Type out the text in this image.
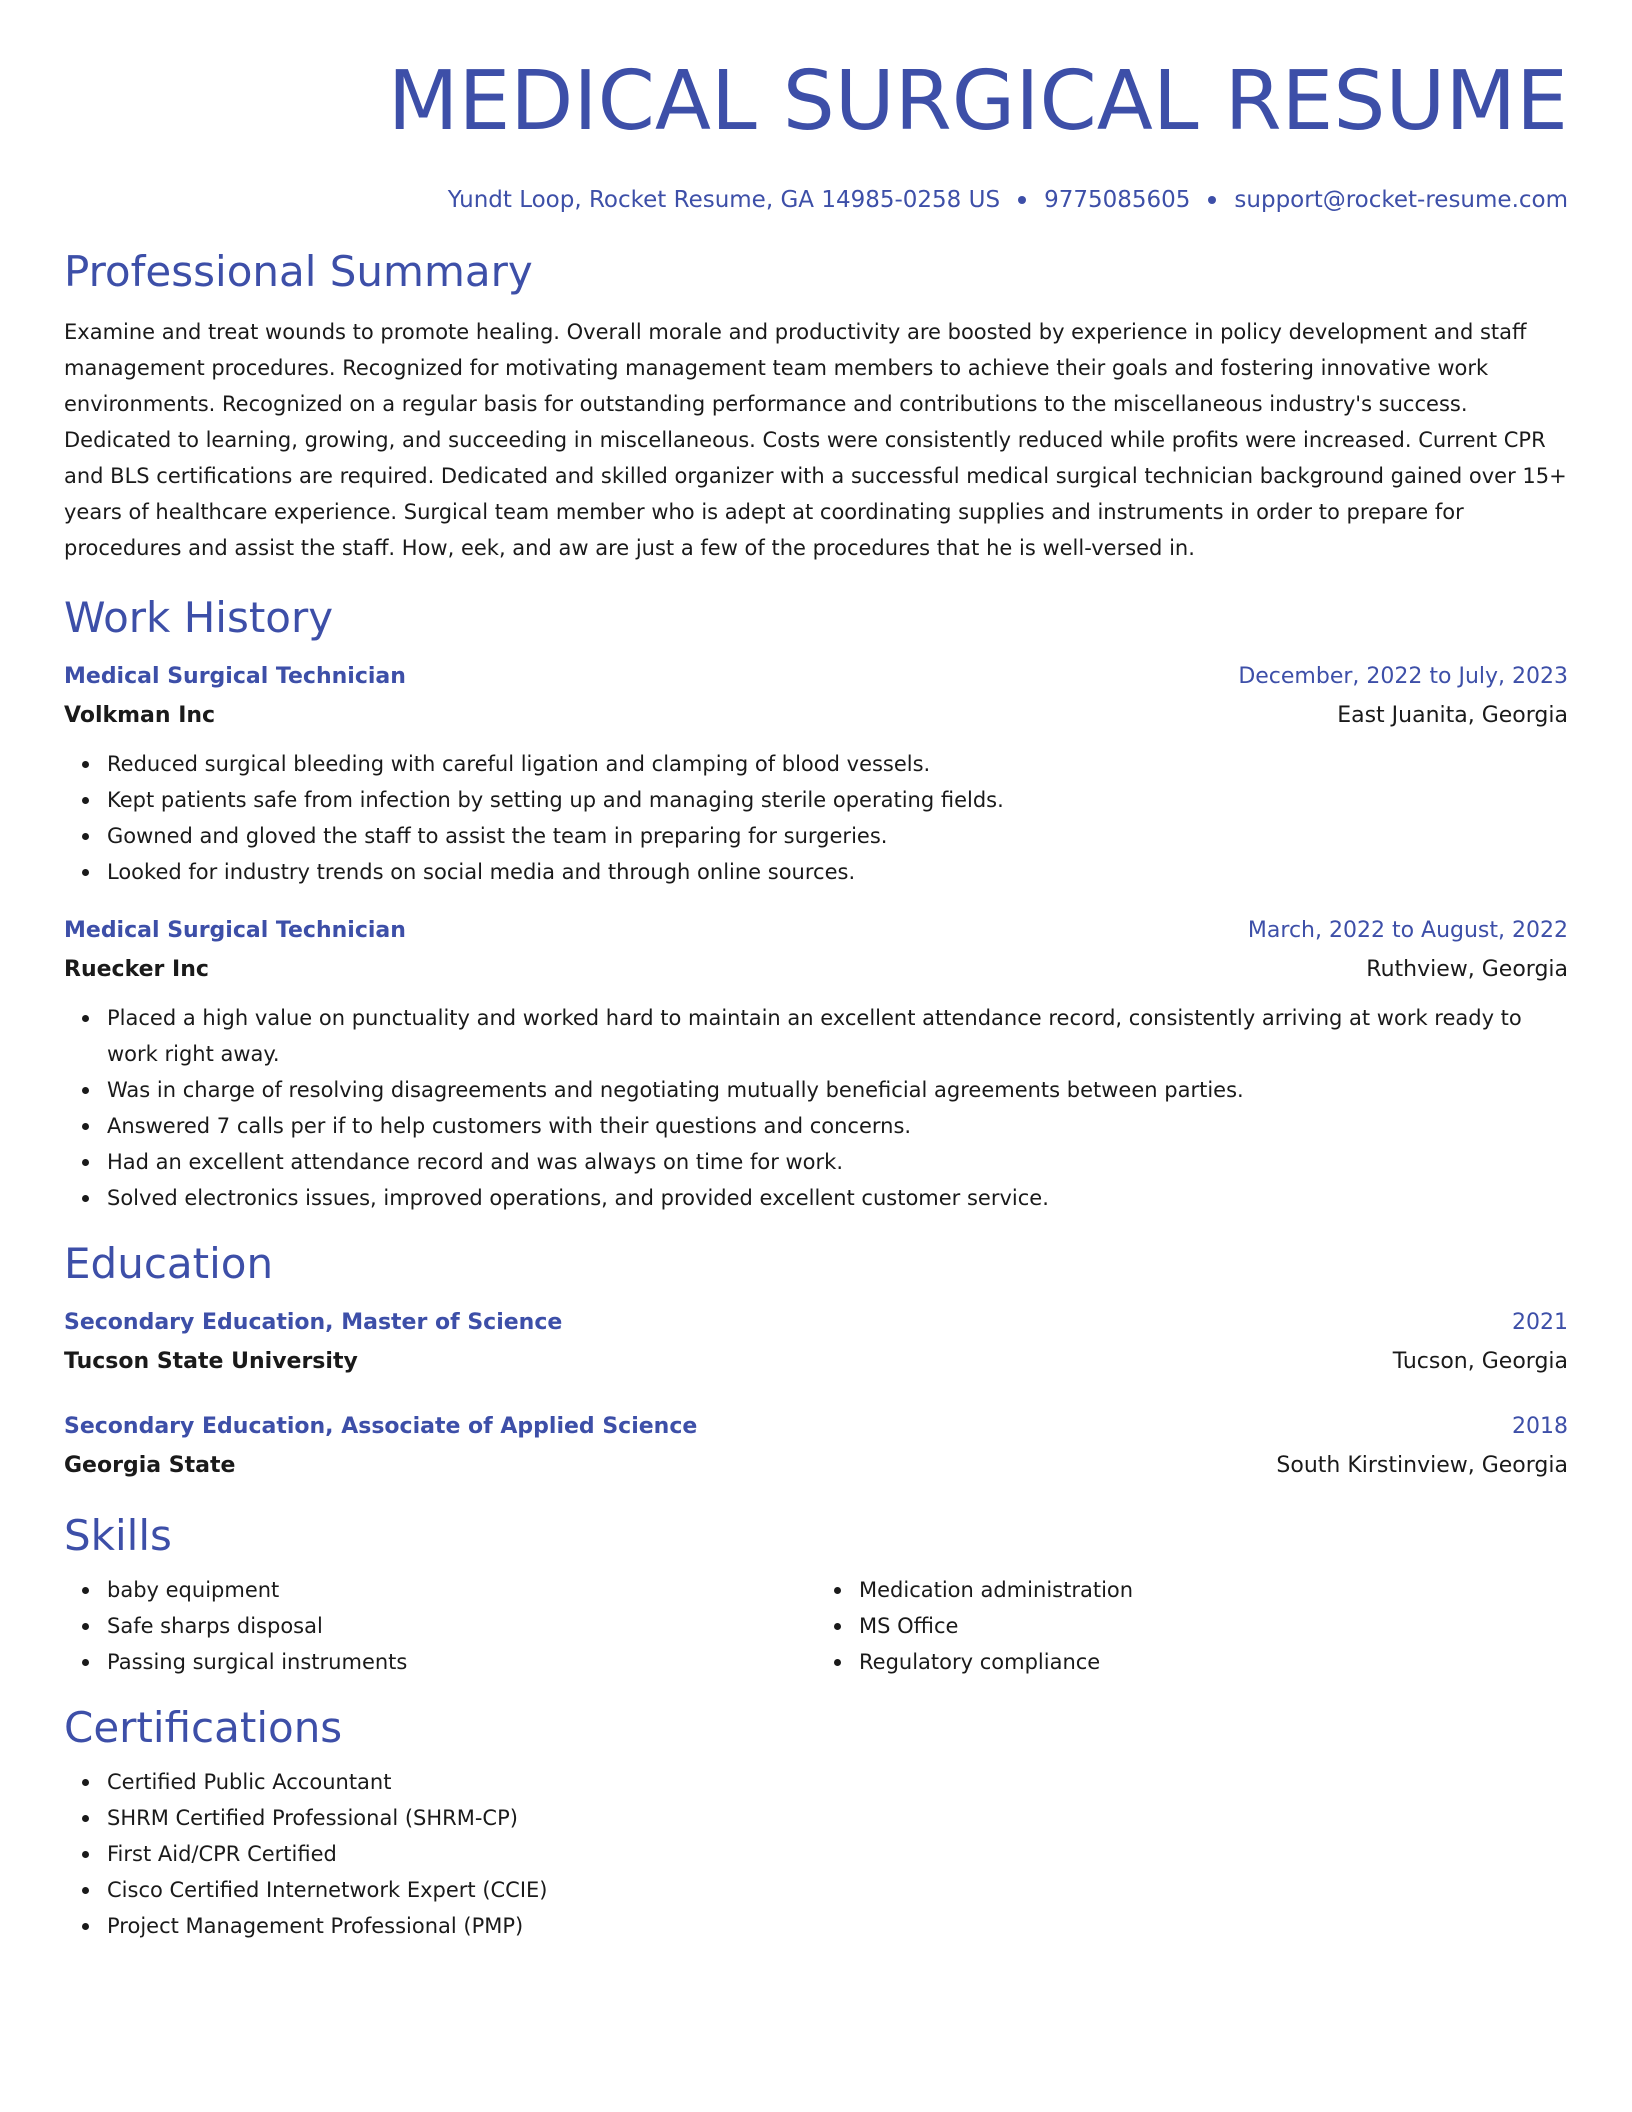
MEDICAL SURGICAL RESUME
Yundt Loop, Rocket Resume, GA 14985-0258 US 9775085605 support@rocket-resume.com
Professional Summary

Examine and treat wounds to promote healing. Overall morale and productivity are boosted by experience in policy development and staff management procedures. Recognized for motivating management team members to achieve their goals and fostering innovative work environments. Recognized on a regular basis for outstanding performance and contributions to the miscellaneous industry's success. Dedicated to learning, growing, and succeeding in miscellaneous. Costs were consistently reduced while profits were increased. Current CPR and BLS certifications are required. Dedicated and skilled organizer with a successful medical surgical technician background gained over 15+ years of healthcare experience. Surgical team member who is adept at coordinating supplies and instruments in order to prepare for procedures and assist the staff. How, eek, and aw are just a few of the procedures that he is well-versed in.

Work History
Medical Surgical Technician	December, 2022 to July, 2023
Volkman Inc	East Juanita, Georgia
Reduced surgical bleeding with careful ligation and clamping of blood vessels.
Kept patients safe from infection by setting up and managing sterile operating fields.
Gowned and gloved the staff to assist the team in preparing for surgeries.
Looked for industry trends on social media and through online sources.
Medical Surgical Technician	March, 2022 to August, 2022
Ruecker Inc	Ruthview, Georgia
Placed a high value on punctuality and worked hard to maintain an excellent attendance record, consistently arriving at work ready to work right away.
Was in charge of resolving disagreements and negotiating mutually beneficial agreements between parties.
Answered 7 calls per if to help customers with their questions and concerns.
Had an excellent attendance record and was always on time for work.
Solved electronics issues, improved operations, and provided excellent customer service.
Education
Secondary Education, Master of Science	2021
Tucson State University	Tucson, Georgia
Secondary Education, Associate of Applied Science	2018
Georgia State	South Kirstinview, Georgia
Skills
baby equipment
Safe sharps disposal
Passing surgical instruments
Medication administration
MS Office
Regulatory compliance
Certifications
Certified Public Accountant
SHRM Certified Professional (SHRM-CP)
First Aid/CPR Certified
Cisco Certified Internetwork Expert (CCIE)
Project Management Professional (PMP)
